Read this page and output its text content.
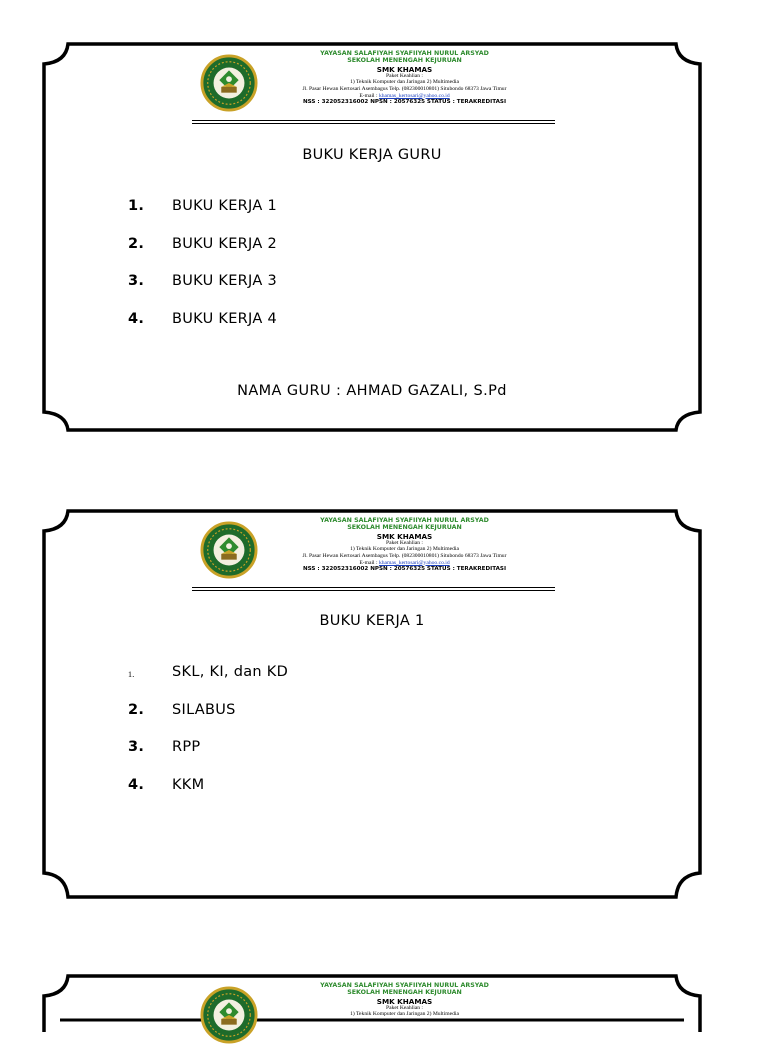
YAYASAN SALAFIYAH SYAFIIYAH NURUL ARSYAD
SEKOLAH MENENGAH KEJURUAN
SMK KHAMAS
Paket Keahlian :
1) Teknik Komputer dan Jaringan 2) Multimedia
Jl. Pasar Hewan Kertosari Asembagus Telp. (082300010801) Situbondo 68373 Jawa Timur
E-mail : khamas_kertosari@yahoo.co.id
NSS : 322052316002 NPSN : 20576325 STATUS : TERAKREDITASI
BUKU KERJA GURU
1.	BUKU KERJA 1
2.	BUKU KERJA 2
3.	BUKU KERJA 3
4.	BUKU KERJA 4
NAMA GURU : AHMAD GAZALI, S.Pd
YAYASAN SALAFIYAH SYAFIIYAH NURUL ARSYAD
SEKOLAH MENENGAH KEJURUAN
SMK KHAMAS
Paket Keahlian :
1) Teknik Komputer dan Jaringan 2) Multimedia
Jl. Pasar Hewan Kertosari Asembagus Telp. (082300010801) Situbondo 68373 Jawa Timur
E-mail : khamas_kertosari@yahoo.co.id
NSS : 322052316002 NPSN : 20576325 STATUS : TERAKREDITASI
BUKU KERJA 1
1.	SKL, KI, dan KD
2.	SILABUS
3.	RPP
4.	KKM
YAYASAN SALAFIYAH SYAFIIYAH NURUL ARSYAD
SEKOLAH MENENGAH KEJURUAN
SMK KHAMAS
Paket Keahlian :
1) Teknik Komputer dan Jaringan 2) Multimedia
